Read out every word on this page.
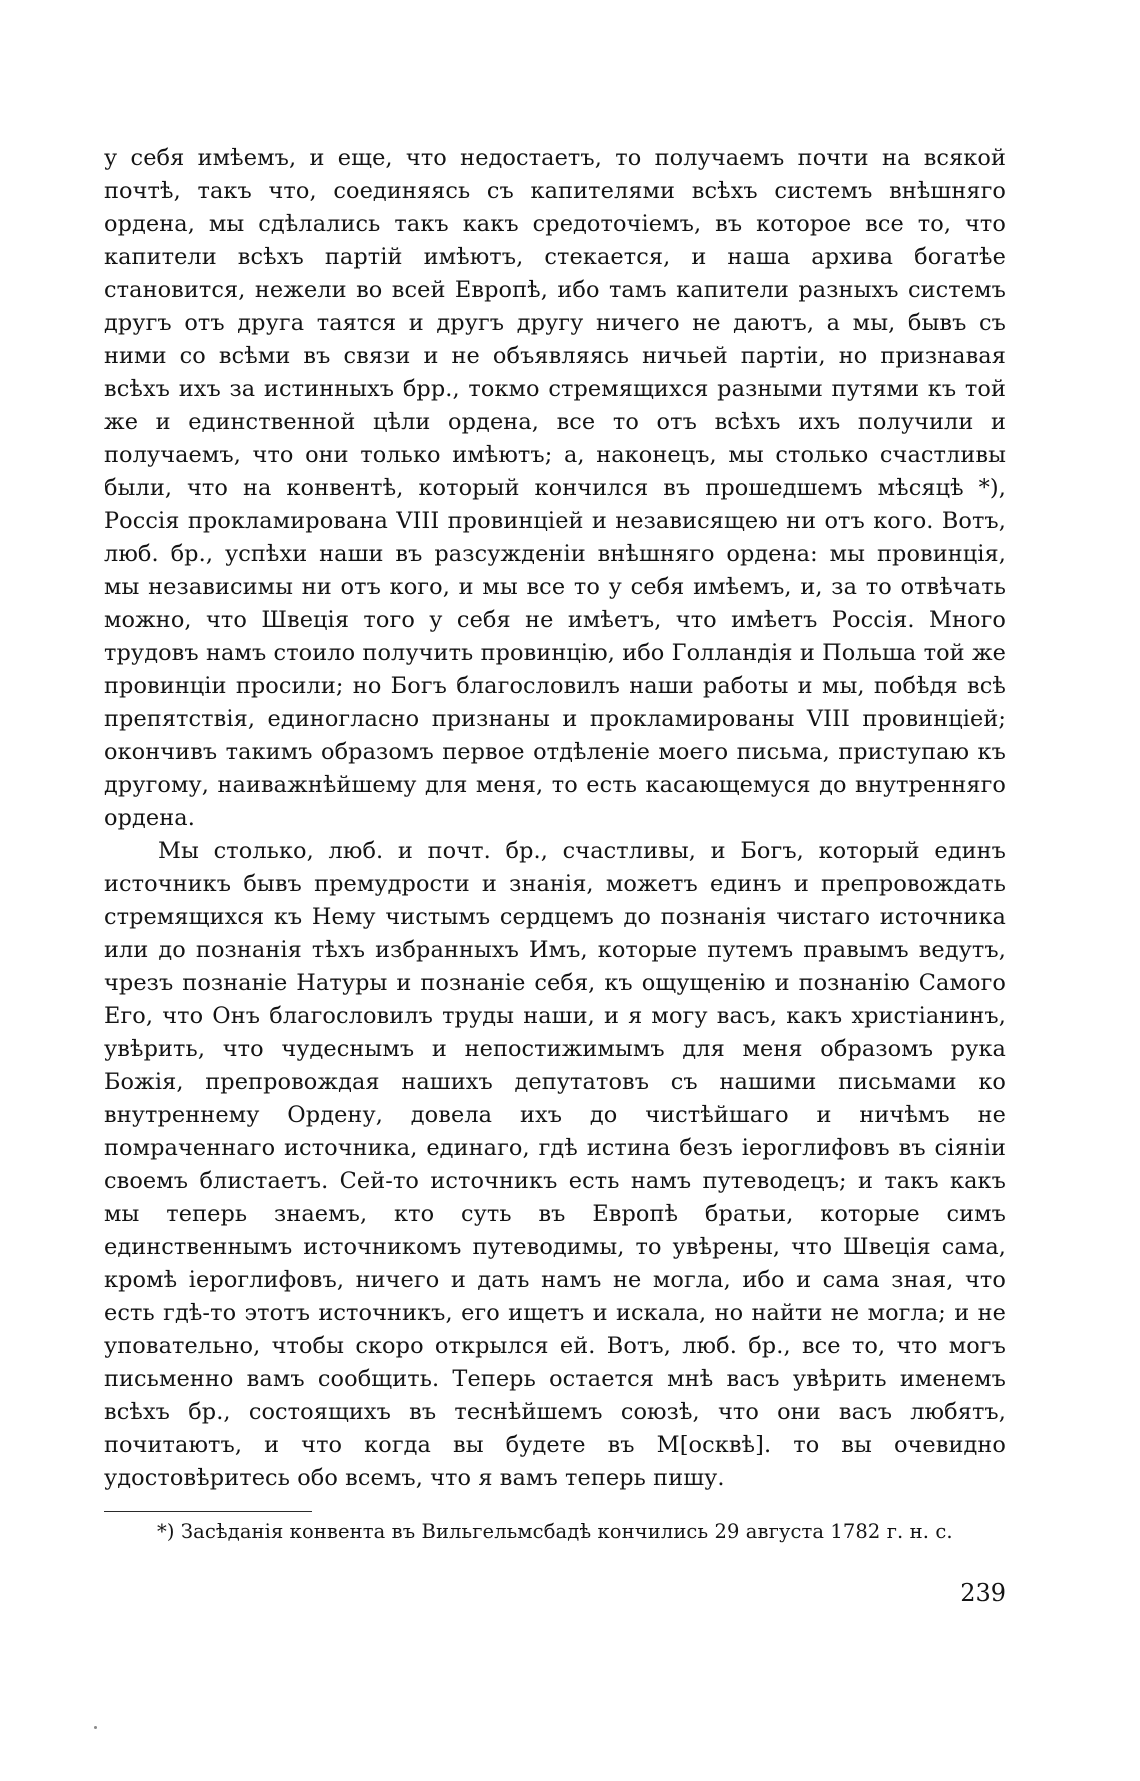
у себя имѣемъ, и еще, что недостаетъ, то получаемъ почти на всякой почтѣ, такъ что, соединяясь съ капителями всѣхъ системъ внѣшняго ордена, мы сдѣлались такъ какъ средоточіемъ, въ которое все то, что капители всѣхъ партій имѣютъ, стекается, и наша архива богатѣе становится, нежели во всей Европѣ, ибо тамъ капители разныхъ системъ другъ отъ друга таятся и другъ другу ничего не даютъ, а мы, бывъ съ ними со всѣми въ связи и не объявляясь ничьей партіи, но признавая всѣхъ ихъ за истинныхъ брр., токмо стремящихся разными путями къ той же и единственной цѣли ордена, все то отъ всѣхъ ихъ получили и получаемъ, что они только имѣютъ; а, наконецъ, мы столько счастливы были, что на конвентѣ, который кончился въ прошедшемъ мѣсяцѣ *), Россія прокламирована VIII провинціей и независящею ни отъ кого. Вотъ, люб. бр., успѣхи наши въ разсужденіи внѣшняго ордена: мы провинція, мы независимы ни отъ кого, и мы все то у себя имѣемъ, и, за то отвѣчать можно, что Швеція того у себя не имѣетъ, что имѣетъ Россія. Много трудовъ намъ стоило получить провинцію, ибо Голландія и Польша той же провинціи просили; но Богъ благословилъ наши работы и мы, побѣдя всѣ препятствія, единогласно признаны и прокламированы VIII провинціей; окончивъ такимъ образомъ первое отдѣленіе моего письма, приступаю къ другому, наиважнѣйшему для меня, то есть касающемуся до внутренняго ордена.

Мы столько, люб. и почт. бр., счастливы, и Богъ, который единъ источникъ бывъ премудрости и знанія, можетъ единъ и препровождать стремящихся къ Нему чистымъ сердцемъ до познанія чистаго источника или до познанія тѣхъ избранныхъ Имъ, которые путемъ правымъ ведутъ, чрезъ познаніе Натуры и познаніе себя, къ ощущенію и познанію Самого Его, что Онъ благословилъ труды наши, и я могу васъ, какъ христіанинъ, увѣрить, что чудеснымъ и непостижимымъ для меня образомъ рука Божія, препровождая нашихъ депутатовъ съ нашими письмами ко внутреннему Ордену, довела ихъ до чистѣйшаго и ничѣмъ не помраченнаго источника, единаго, гдѣ истина безъ іероглифовъ въ сіяніи своемъ блистаетъ. Сей-то источникъ есть намъ путеводецъ; и такъ какъ мы теперь знаемъ, кто суть въ Европѣ братьи, которые симъ единственнымъ источникомъ путеводимы, то увѣрены, что Швеція сама, кромѣ іероглифовъ, ничего и дать намъ не могла, ибо и сама зная, что есть гдѣ-то этотъ источникъ, его ищетъ и искала, но найти не могла; и не уповательно, чтобы скоро открылся ей. Вотъ, люб. бр., все то, что могъ письменно вамъ сообщить. Теперь остается мнѣ васъ увѣрить именемъ всѣхъ бр., состоящихъ въ теснѣйшемъ союзѣ, что они васъ любятъ, почитаютъ, и что когда вы будете въ М[осквѣ]. то вы очевидно удостовѣритесь обо всемъ, что я вамъ теперь пишу.

*) Засѣданія конвента въ Вильгельмсбадѣ кончились 29 августа 1782 г. н. с.
239
